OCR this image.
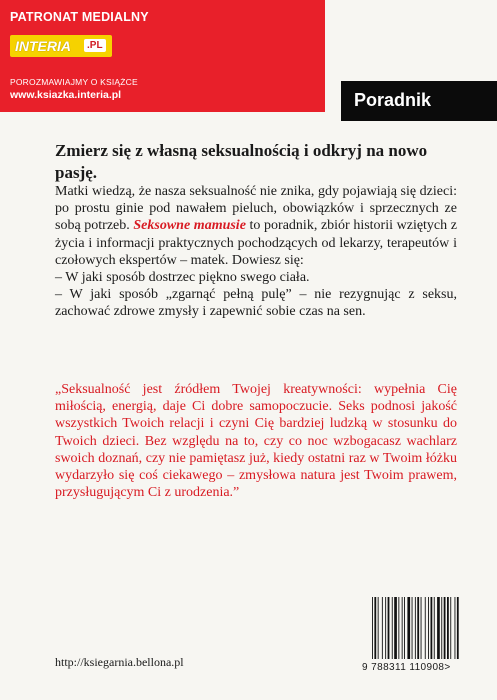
PATRONAT MEDIALNY
INTERIA	.PL
POROZMAWIAJMY O KSIĄŻCE
www.ksiazka.interia.pl	Poradnik
Zmierz się z własną seksualnością i odkryj na nowo pasję.

Matki wiedzą, że nasza seksualność nie znika, gdy pojawiają się dzieci: po prostu ginie pod nawałem pieluch, obowiązków i sprzecznych ze sobą potrzeb. Seksowne mamusie to poradnik, zbiór historii wziętych z życia i informacji praktycznych pochodzących od lekarzy, terapeutów i czołowych ekspertów – matek. Dowiesz się:

– W jaki sposób dostrzec piękno swego ciała.

– W jaki sposób „zgarnąć pełną pulę” – nie rezygnując z seksu, zachować zdrowe zmysły i zapewnić sobie czas na sen.

„Seksualność jest źródłem Twojej kreatywności: wypełnia Cię miłością, energią, daje Ci dobre samopoczucie. Seks podnosi jakość wszystkich Twoich relacji i czyni Cię bardziej ludzką w stosunku do Twoich dzieci. Bez względu na to, czy co noc wzbogacasz wachlarz swoich doznań, czy nie pamiętasz już, kiedy ostatni raz w Twoim łóżku wydarzyło się coś ciekawego – zmysłowa natura jest Twoim prawem, przysługującym Ci z urodzenia.”
http://ksiegarnia.bellona.pl	9 788311 110908>
